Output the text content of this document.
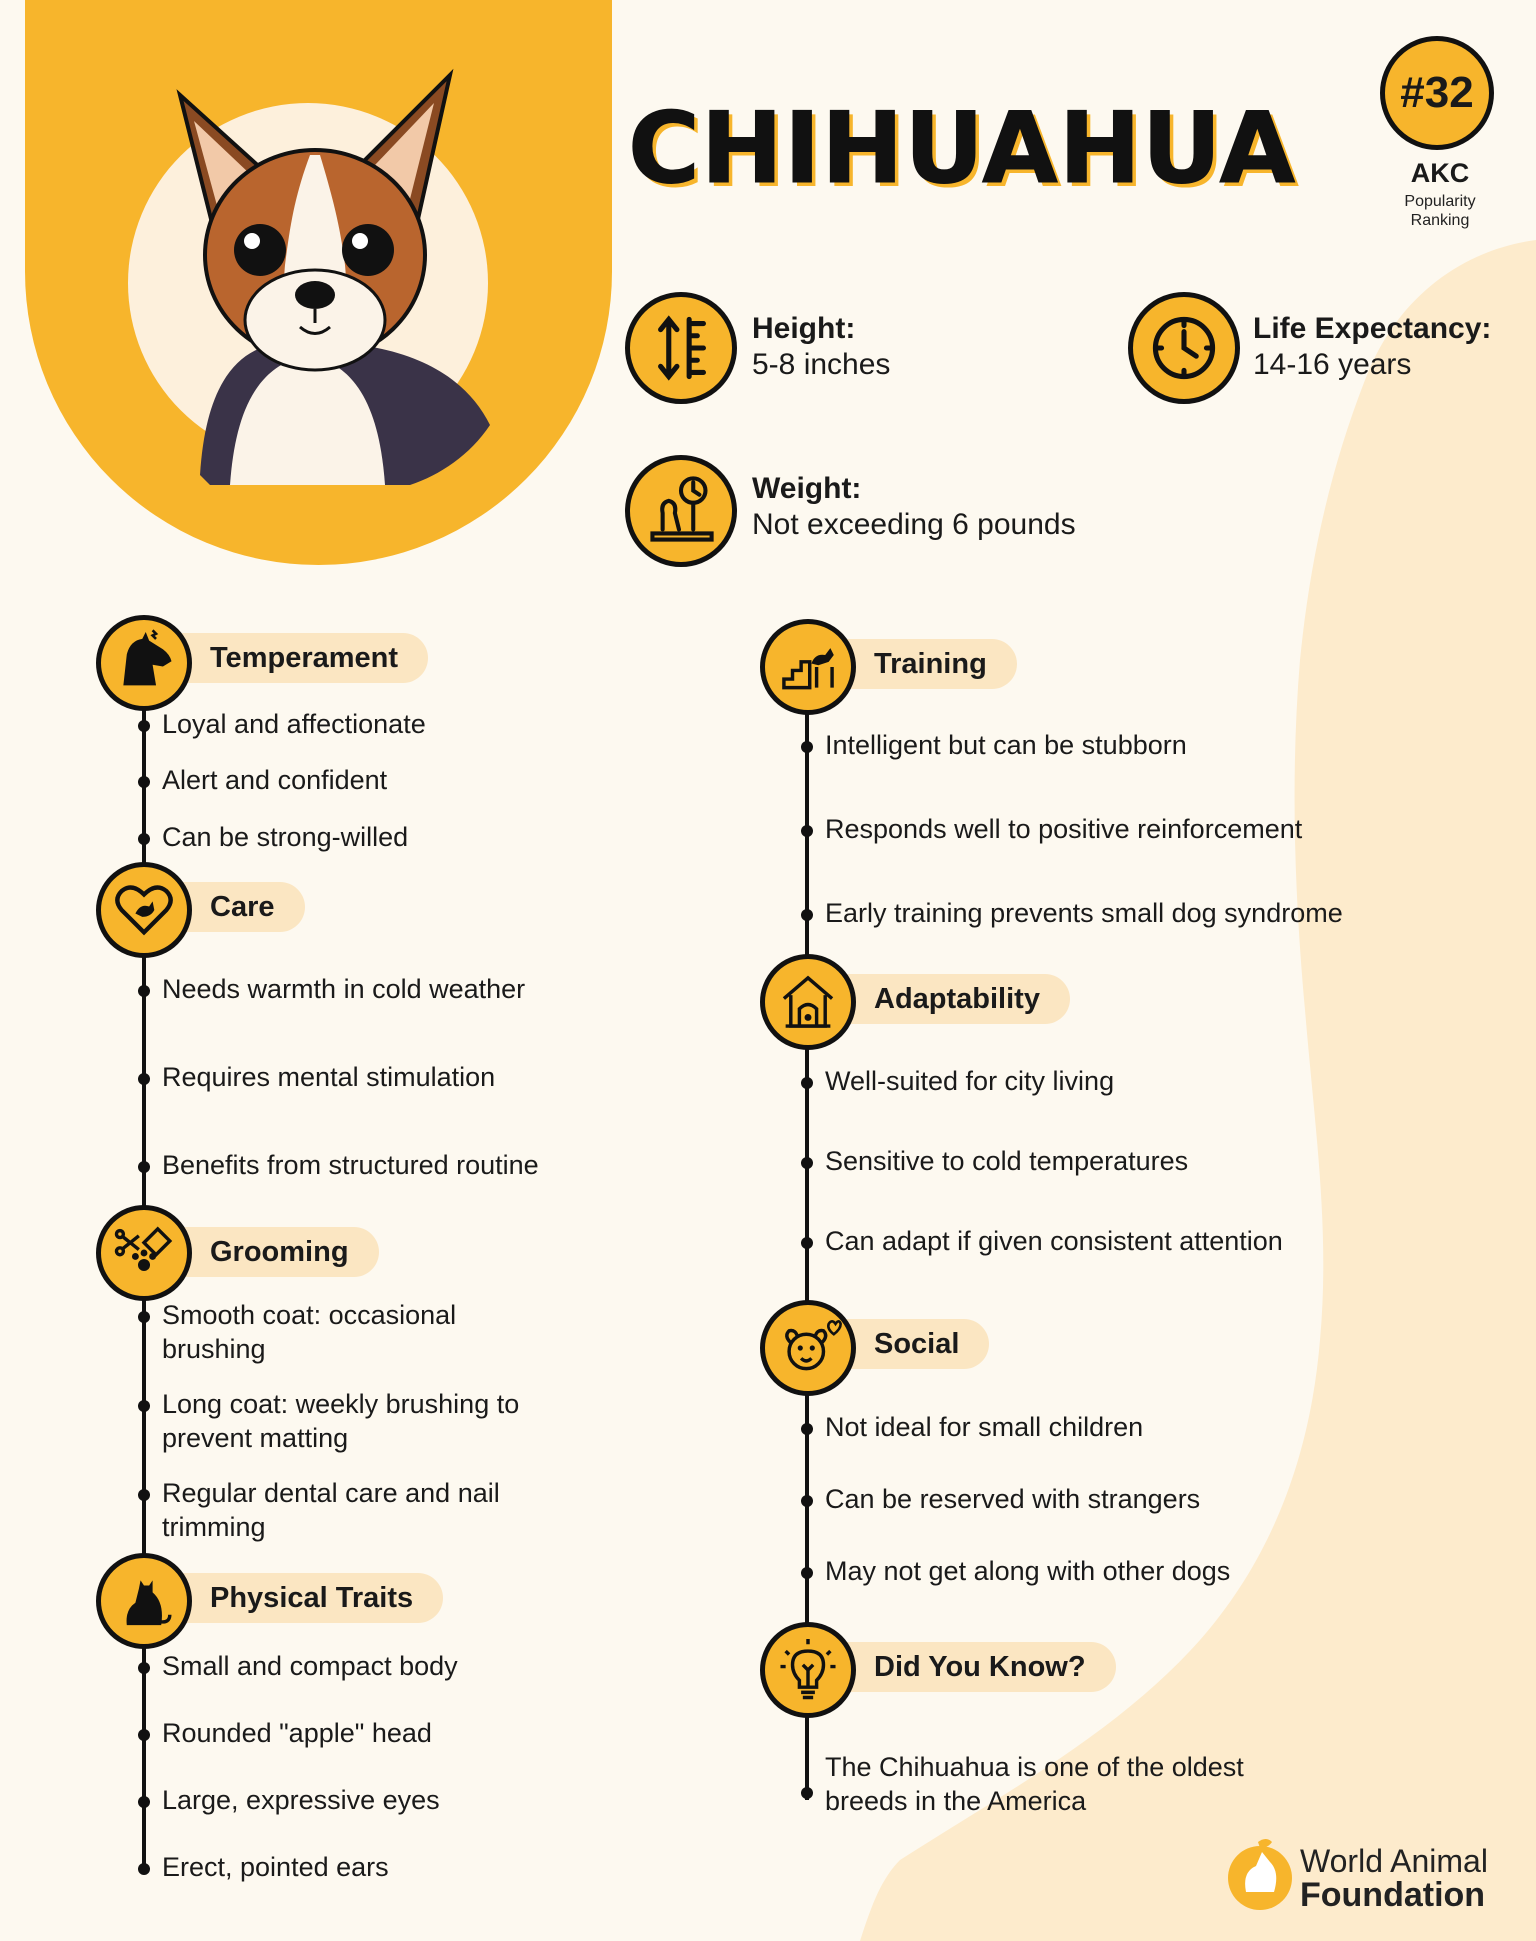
CHIHUAHUA	#32
AKC
Popularity Ranking
Height:
5-8 inches
Life Expectancy:
14-16 years
Weight:
Not exceeding 6 pounds
Temperament
Loyal and affectionate
Alert and confident
Can be strong-willed
Care
Needs warmth in cold weather
Requires mental stimulation
Benefits from structured routine
Grooming
Smooth coat: occasional brushing
Long coat: weekly brushing to prevent matting
Regular dental care and nail trimming
Physical Traits
Small and compact body
Rounded "apple" head
Large, expressive eyes
Erect, pointed ears
Training
Intelligent but can be stubborn
Responds well to positive reinforcement
Early training prevents small dog syndrome
Adaptability
Well-suited for city living
Sensitive to cold temperatures
Can adapt if given consistent attention
Social
Not ideal for small children
Can be reserved with strangers
May not get along with other dogs
Did You Know?
The Chihuahua is one of the oldest breeds in the America
World Animal
Foundation
